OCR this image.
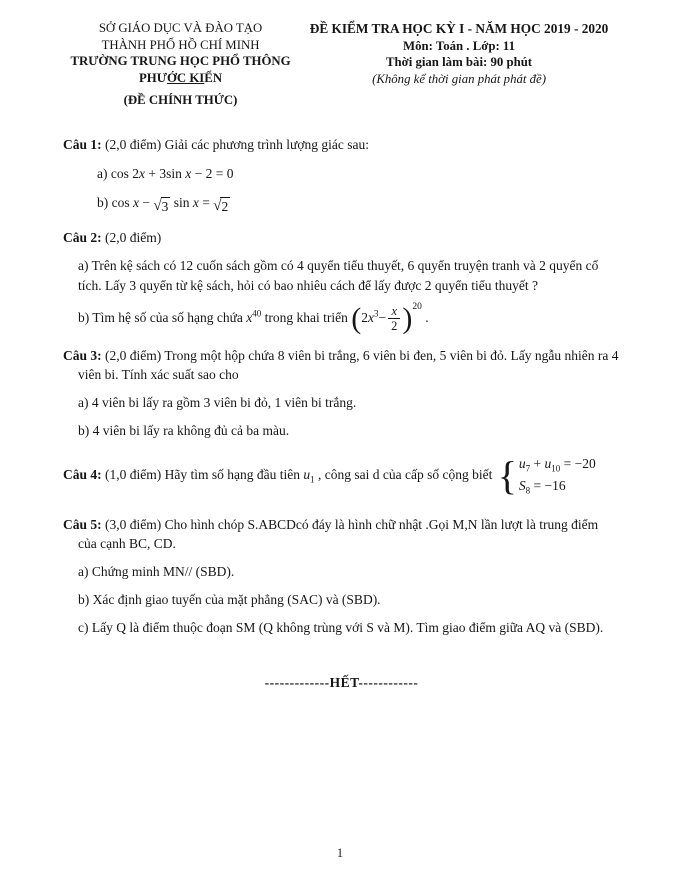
SỞ GIÁO DỤC VÀ ĐÀO TẠO
THÀNH PHỐ HỒ CHÍ MINH
TRƯỜNG TRUNG HỌC PHỔ THÔNG
PHƯỚC KIỂN
(ĐỀ CHÍNH THỨC)
ĐỀ KIỂM TRA HỌC KỲ I - NĂM HỌC 2019 - 2020
Môn: Toán . Lớp: 11
Thời gian làm bài: 90 phút
(Không kể thời gian phát phát đề)

Câu 1: (2,0 điểm) Giải các phương trình lượng giác sau:

a) cos 2x + 3sin x − 2 = 0
b) cos x − √ 3 sin x = √ 2

Câu 2: (2,0 điểm)

a) Trên kệ sách có 12 cuốn sách gồm có 4 quyển tiểu thuyết, 6 quyển truyện tranh và 2 quyển cổ tích. Lấy 3 quyển từ kệ sách, hỏi có bao nhiêu cách để lấy được 2 quyển tiểu thuyết ?
b) Tìm hệ số của số hạng chứa $x^{40}$ trong khai triển $(2x^3- \frac{x}{2} )^{20}$ .

Câu 3: (2,0 điểm) Trong một hộp chứa 8 viên bi trắng, 6 viên bi đen, 5 viên bi đỏ. Lấy ngẫu nhiên ra 4 viên bi. Tính xác suất sao cho

a) 4 viên bi lấy ra gồm 3 viên bi đỏ, 1 viên bi trắng.
b) 4 viên bi lấy ra không đủ cả ba màu.
Câu 4: (1,0 điểm) Hãy tìm số hạng đầu tiên $u_1$ , công sai d của cấp số cộng biết { $u_7 + u_{10} = -20$
$S_8 = -16$

Câu 5: (3,0 điểm) Cho hình chóp S.ABCDcó đáy là hình chữ nhật .Gọi M,N lần lượt là trung điểm của cạnh BC, CD.

a) Chứng minh MN// (SBD).
b) Xác định giao tuyến của mặt phẳng (SAC) và (SBD).
c) Lấy Q là điểm thuộc đoạn SM (Q không trùng với S và M). Tìm giao điểm giữa AQ và (SBD).
-------------HẾT------------
1
